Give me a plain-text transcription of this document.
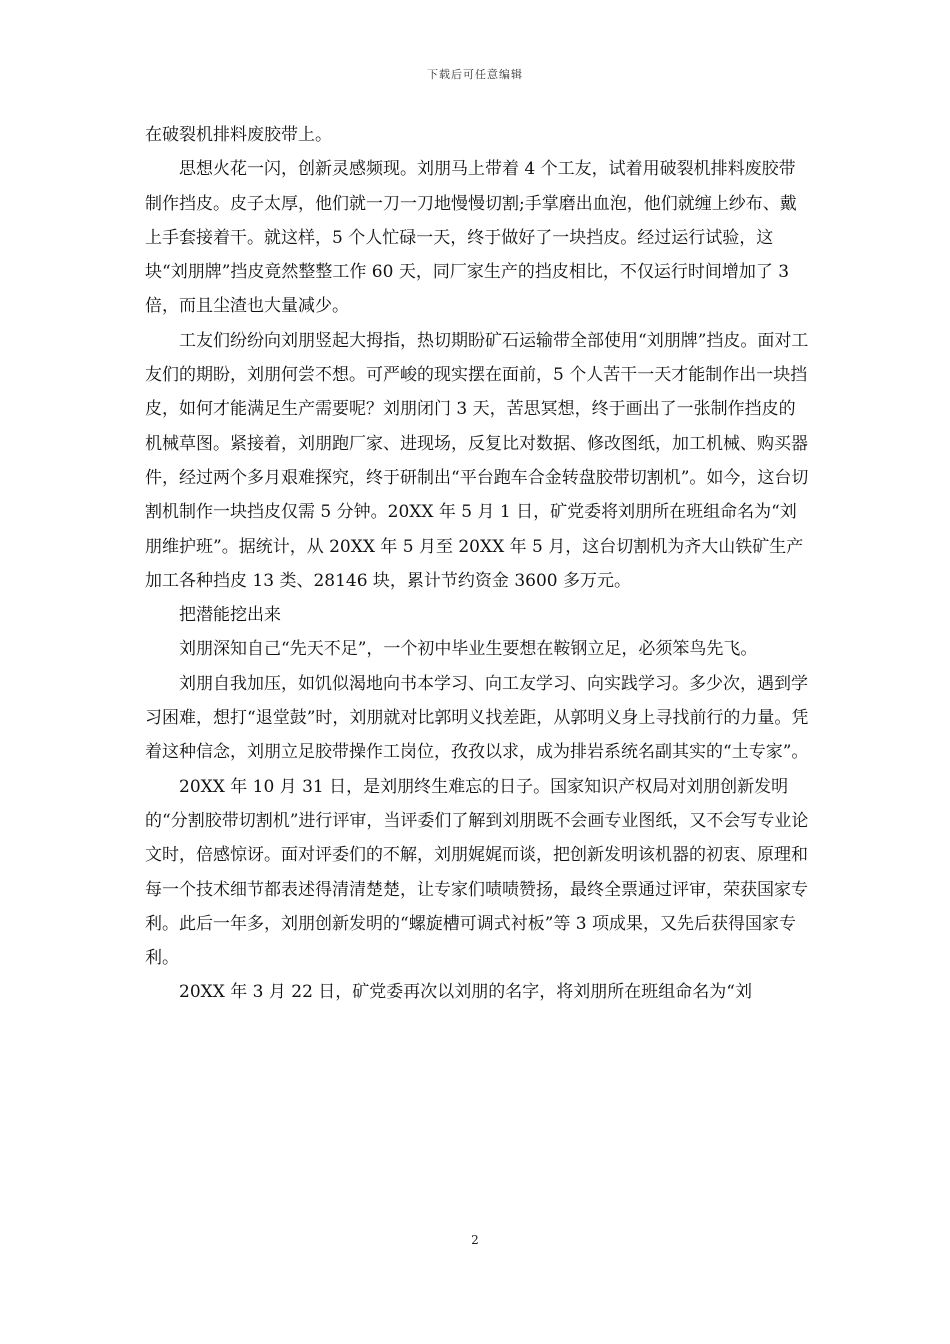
下载后可任意编辑

在破裂机排料废胶带上。

思想火花一闪，创新灵感频现。刘朋马上带着 4 个工友，试着用破裂机排料废胶带制作挡皮。皮子太厚，他们就一刀一刀地慢慢切割;手掌磨出血泡，他们就缠上纱布、戴上手套接着干。就这样，5 个人忙碌一天，终于做好了一块挡皮。经过运行试验，这块“刘朋牌”挡皮竟然整整工作 60 天，同厂家生产的挡皮相比，不仅运行时间增加了 3 倍，而且尘渣也大量减少。

工友们纷纷向刘朋竖起大拇指，热切期盼矿石运输带全部使用“刘朋牌”挡皮。面对工友们的期盼，刘朋何尝不想。可严峻的现实摆在面前，5 个人苦干一天才能制作出一块挡皮，如何才能满足生产需要呢？刘朋闭门 3 天，苦思冥想，终于画出了一张制作挡皮的机械草图。紧接着，刘朋跑厂家、进现场，反复比对数据、修改图纸，加工机械、购买器件，经过两个多月艰难探究，终于研制出“平台跑车合金转盘胶带切割机”。如今，这台切割机制作一块挡皮仅需 5 分钟。20XX 年 5 月 1 日，矿党委将刘朋所在班组命名为“刘朋维护班”。据统计，从 20XX 年 5 月至 20XX 年 5 月，这台切割机为齐大山铁矿生产加工各种挡皮 13 类、28146 块，累计节约资金 3600 多万元。

把潜能挖出来

刘朋深知自己“先天不足”，一个初中毕业生要想在鞍钢立足，必须笨鸟先飞。

刘朋自我加压，如饥似渴地向书本学习、向工友学习、向实践学习。多少次，遇到学习困难，想打“退堂鼓”时，刘朋就对比郭明义找差距，从郭明义身上寻找前行的力量。凭着这种信念，刘朋立足胶带操作工岗位，孜孜以求，成为排岩系统名副其实的“土专家”。

20XX 年 10 月 31 日，是刘朋终生难忘的日子。国家知识产权局对刘朋创新发明的“分割胶带切割机”进行评审，当评委们了解到刘朋既不会画专业图纸，又不会写专业论文时，倍感惊讶。面对评委们的不解，刘朋娓娓而谈，把创新发明该机器的初衷、原理和每一个技术细节都表述得清清楚楚，让专家们啧啧赞扬，最终全票通过评审，荣获国家专利。此后一年多，刘朋创新发明的“螺旋槽可调式衬板”等 3 项成果，又先后获得国家专利。

20XX 年 3 月 22 日，矿党委再次以刘朋的名字，将刘朋所在班组命名为“刘

2
